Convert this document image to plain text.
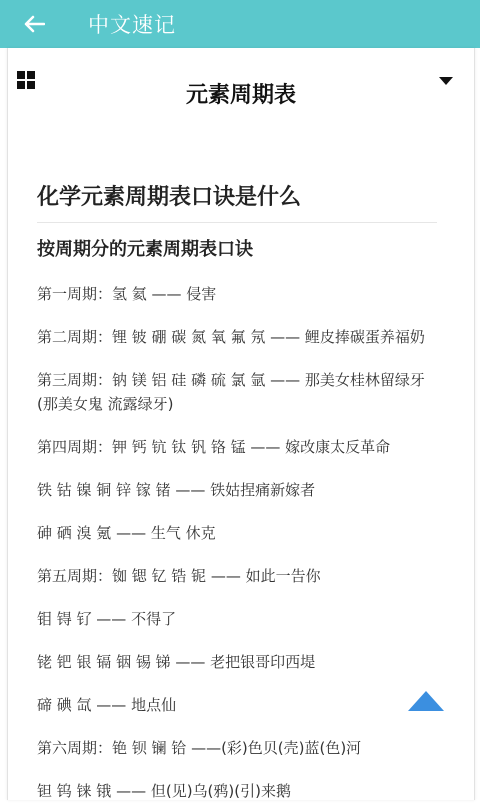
中文速记
元素周期表
化学元素周期表口诀是什么
按周期分的元素周期表口诀
第一周期：氢 氦 —— 侵害
第二周期：锂 铍 硼 碳 氮 氧 氟 氖 —— 鲤皮捧碳蛋养福奶
第三周期：钠 镁 铝 硅 磷 硫 氯 氩 —— 那美女桂林留绿牙(那美女鬼 流露绿牙)
第四周期：钾 钙 钪 钛 钒 铬 锰 —— 嫁改康太反革命
铁 钴 镍 铜 锌 镓 锗 —— 铁姑捏痛新嫁者
砷 硒 溴 氪 —— 生气 休克
第五周期：铷 锶 钇 锆 铌 —— 如此一告你
钼 锝 钌 —— 不得了
铑 钯 银 镉 铟 锡 锑 —— 老把银哥印西堤
碲 碘 氙 —— 地点仙
第六周期：铯 钡 镧 铪 ——(彩)色贝(壳)蓝(色)河
钽 钨 铼 锇 —— 但(见)乌(鸦)(引)来鹅
